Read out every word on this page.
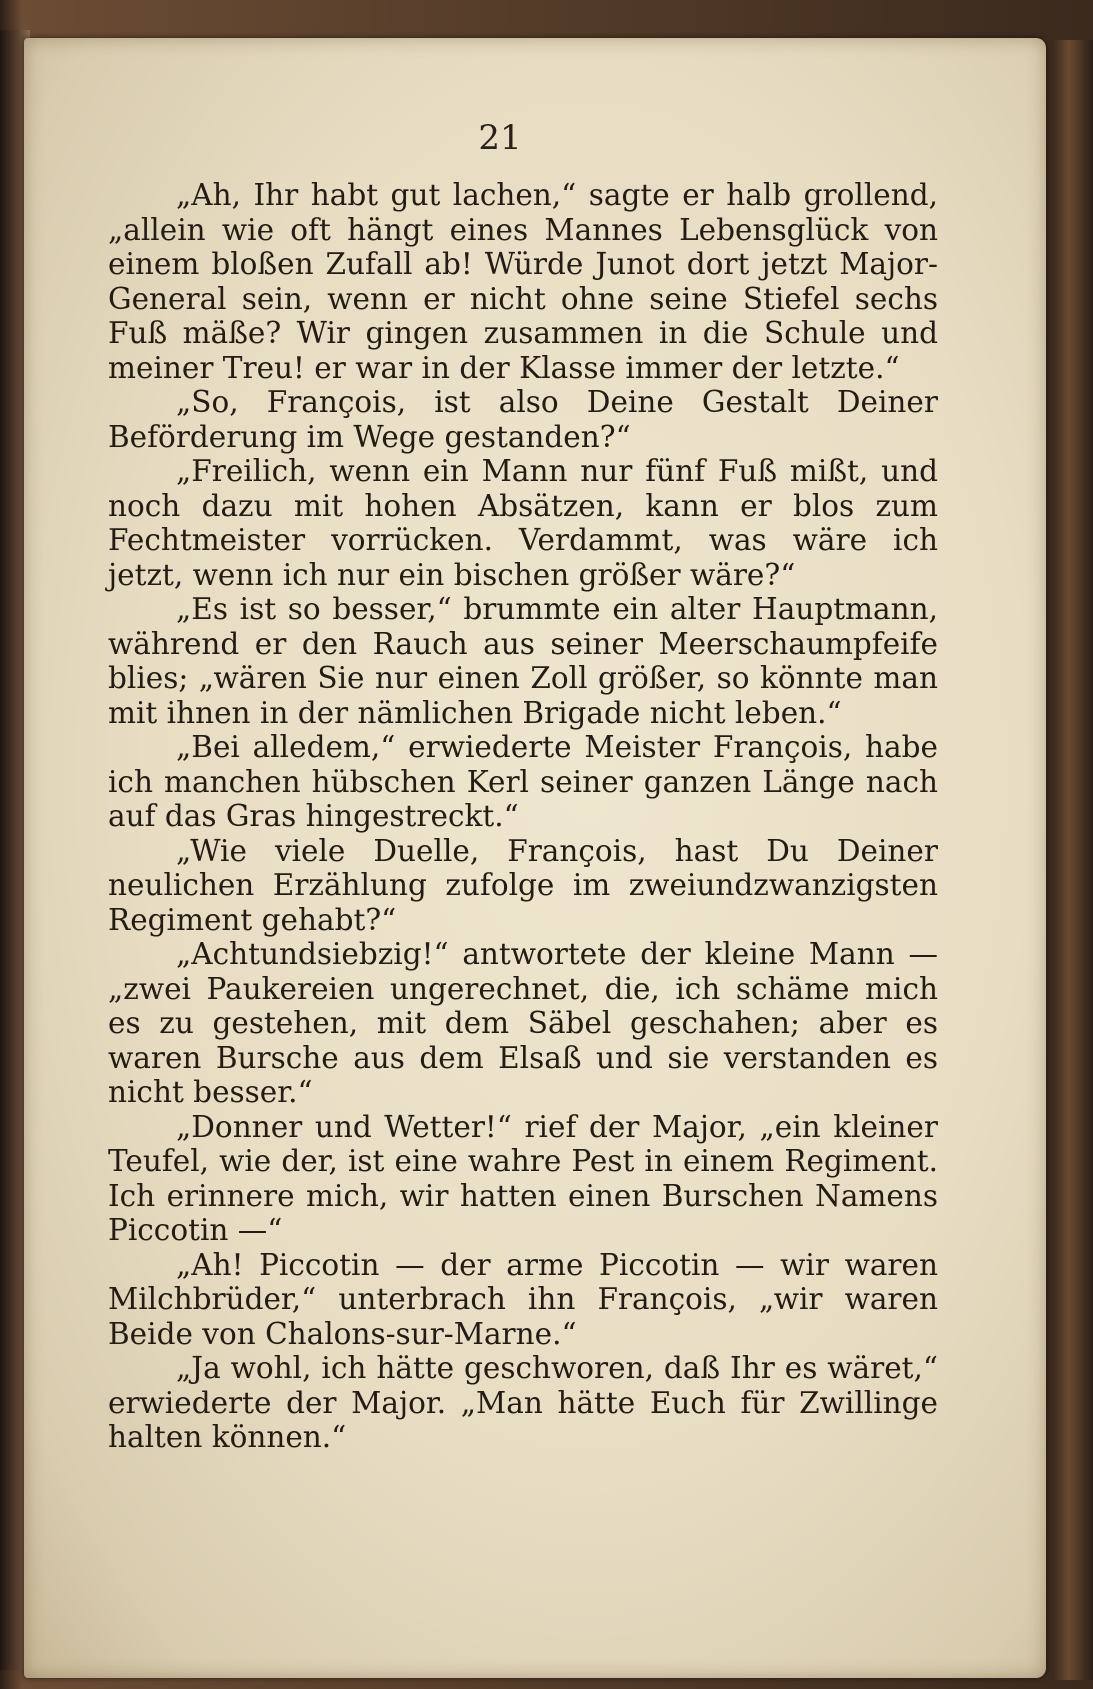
21

„Ah, Ihr habt gut lachen,“ sagte er halb grollend, „allein wie oft hängt eines Mannes Lebensglück von einem bloßen Zufall ab! Würde Junot dort jetzt Major-General sein, wenn er nicht ohne seine Stiefel sechs Fuß mäße? Wir gingen zusammen in die Schule und meiner Treu! er war in der Klasse immer der letzte.“

„So, François, ist also Deine Gestalt Deiner Beförderung im Wege gestanden?“

„Freilich, wenn ein Mann nur fünf Fuß mißt, und noch dazu mit hohen Absätzen, kann er blos zum Fechtmeister vorrücken. Verdammt, was wäre ich jetzt, wenn ich nur ein bischen größer wäre?“

„Es ist so besser,“ brummte ein alter Hauptmann, während er den Rauch aus seiner Meerschaumpfeife blies; „wären Sie nur einen Zoll größer, so könnte man mit ihnen in der nämlichen Brigade nicht leben.“

„Bei alledem,“ erwiederte Meister François, habe ich manchen hübschen Kerl seiner ganzen Länge nach auf das Gras hingestreckt.“

„Wie viele Duelle, François, hast Du Deiner neulichen Erzählung zufolge im zweiundzwanzigsten Regiment gehabt?“

„Achtundsiebzig!“ antwortete der kleine Mann — „zwei Paukereien ungerechnet, die, ich schäme mich es zu gestehen, mit dem Säbel geschahen; aber es waren Bursche aus dem Elsaß und sie verstanden es nicht besser.“

„Donner und Wetter!“ rief der Major, „ein kleiner Teufel, wie der, ist eine wahre Pest in einem Regiment. Ich erinnere mich, wir hatten einen Burschen Namens Piccotin —“

„Ah! Piccotin — der arme Piccotin — wir waren Milchbrüder,“ unterbrach ihn François, „wir waren Beide von Chalons-sur-Marne.“

„Ja wohl, ich hätte geschworen, daß Ihr es wäret,“ erwiederte der Major. „Man hätte Euch für Zwillinge halten können.“
